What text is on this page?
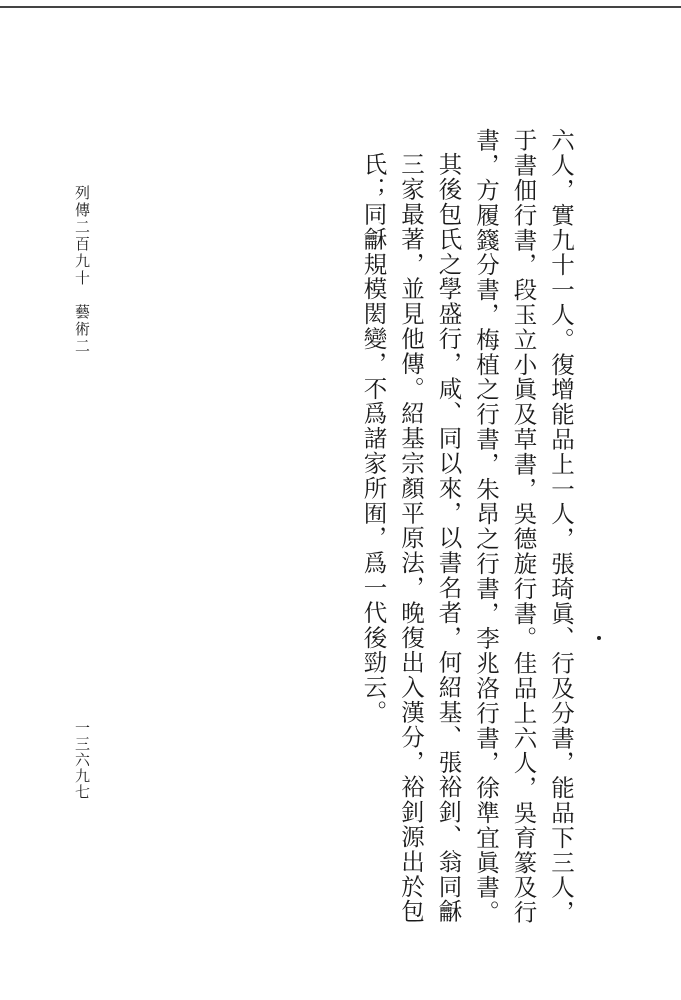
六人，實九十一人。復增能品上一人，張琦眞、行及分書，能品下三人，于書佃行書，段玉立小眞及草書，吳德旋行書。佳品上六人，吳育篆及行書，方履籛分書，梅植之行書，朱昂之行書，李兆洛行書，徐準宜眞書。

其後包氏之學盛行，咸、同以來，以書名者，何紹基、張裕釗、翁同龢三家最著，並見他傳。紹基宗顏平原法，晚復出入漢分，裕釗源出於包氏；同龢規模閎變，不爲諸家所囿，爲一代後勁云。

列傳二百九十　藝術二
一三六九七
